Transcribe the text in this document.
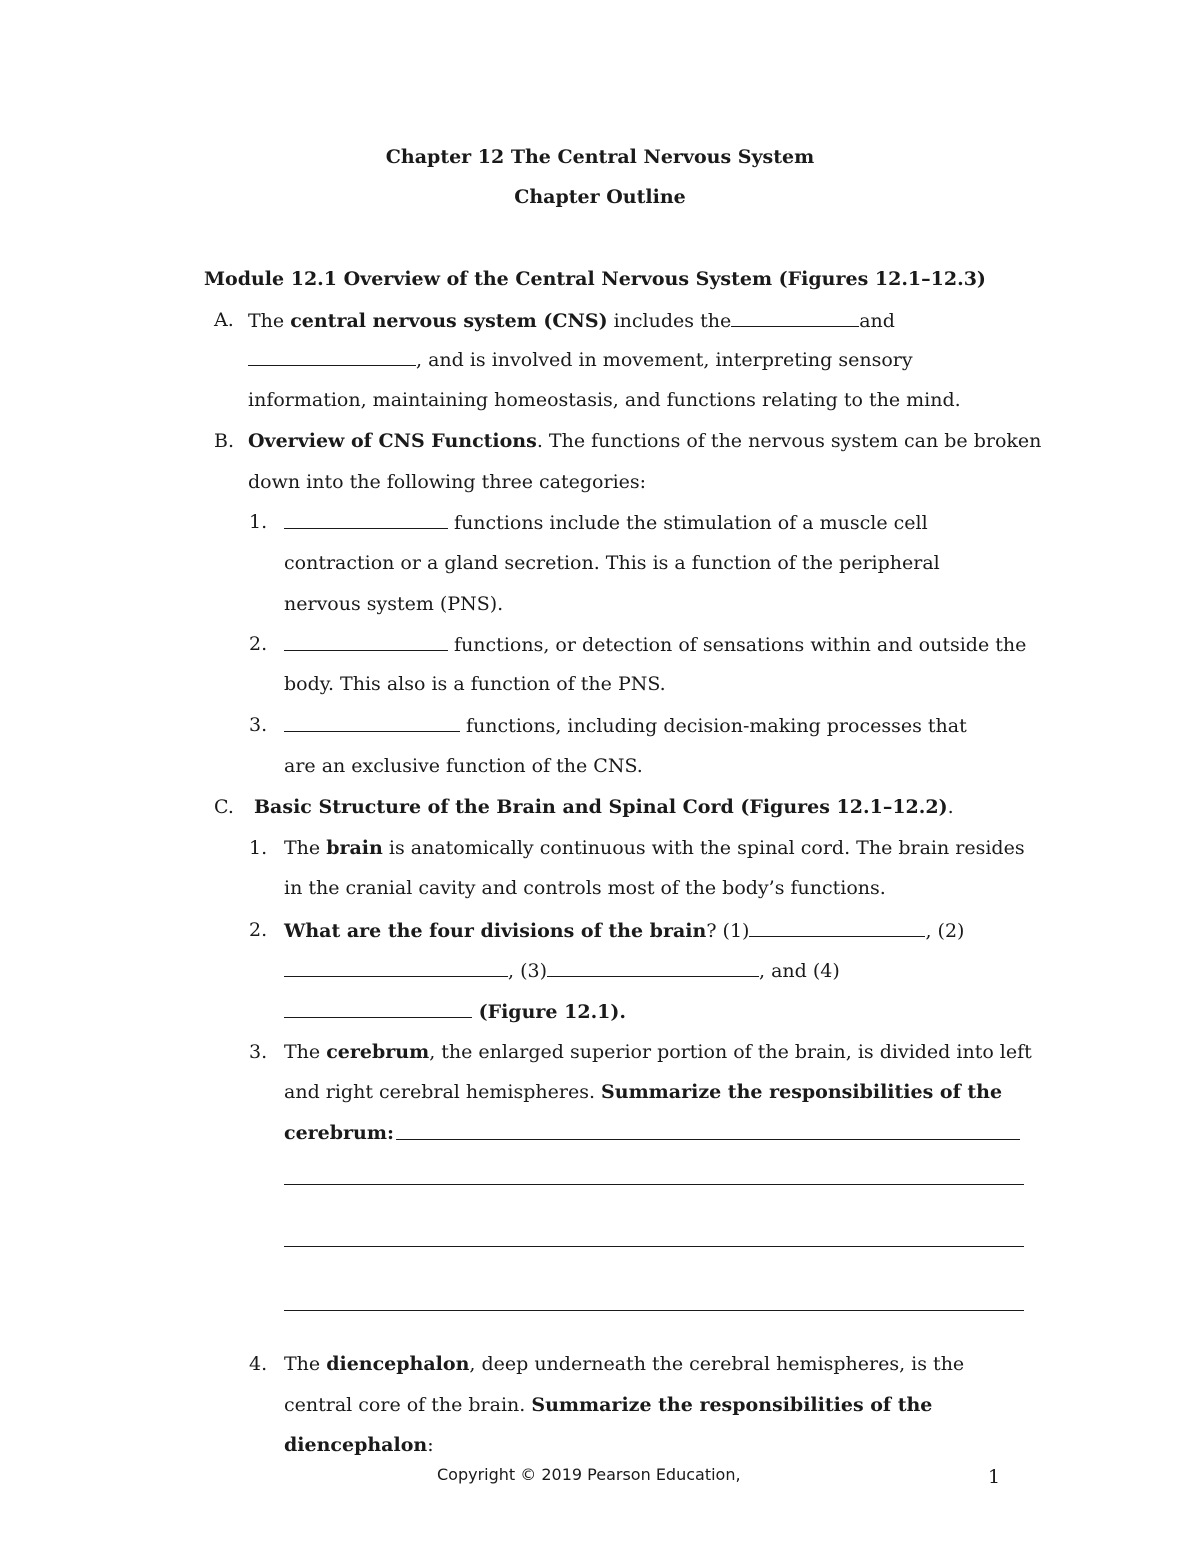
Chapter 12 The Central Nervous System
Chapter Outline
Module 12.1 Overview of the Central Nervous System (Figures 12.1–12.3)
A. The central nervous system (CNS) includes the	and
, and is involved in movement, interpreting sensory
information, maintaining homeostasis, and functions relating to the mind.
B. Overview of CNS Functions. The functions of the nervous system can be broken
down into the following three categories:
1.	functions include the stimulation of a muscle cell
contraction or a gland secretion. This is a function of the peripheral
nervous system (PNS).
2.	functions, or detection of sensations within and outside the
body. This also is a function of the PNS.
3.	functions, including decision-making processes that
are an exclusive function of the CNS.
C. Basic Structure of the Brain and Spinal Cord (Figures 12.1–12.2).
1. The brain is anatomically continuous with the spinal cord. The brain resides
in the cranial cavity and controls most of the body’s functions.
2. What are the four divisions of the brain? (1)	, (2)
, (3)	, and (4)
(Figure 12.1).
3. The cerebrum, the enlarged superior portion of the brain, is divided into left
and right cerebral hemispheres. Summarize the responsibilities of the
cerebrum:
4. The diencephalon, deep underneath the cerebral hemispheres, is the
central core of the brain. Summarize the responsibilities of the
diencephalon:
Copyright © 2019 Pearson Education,	1
